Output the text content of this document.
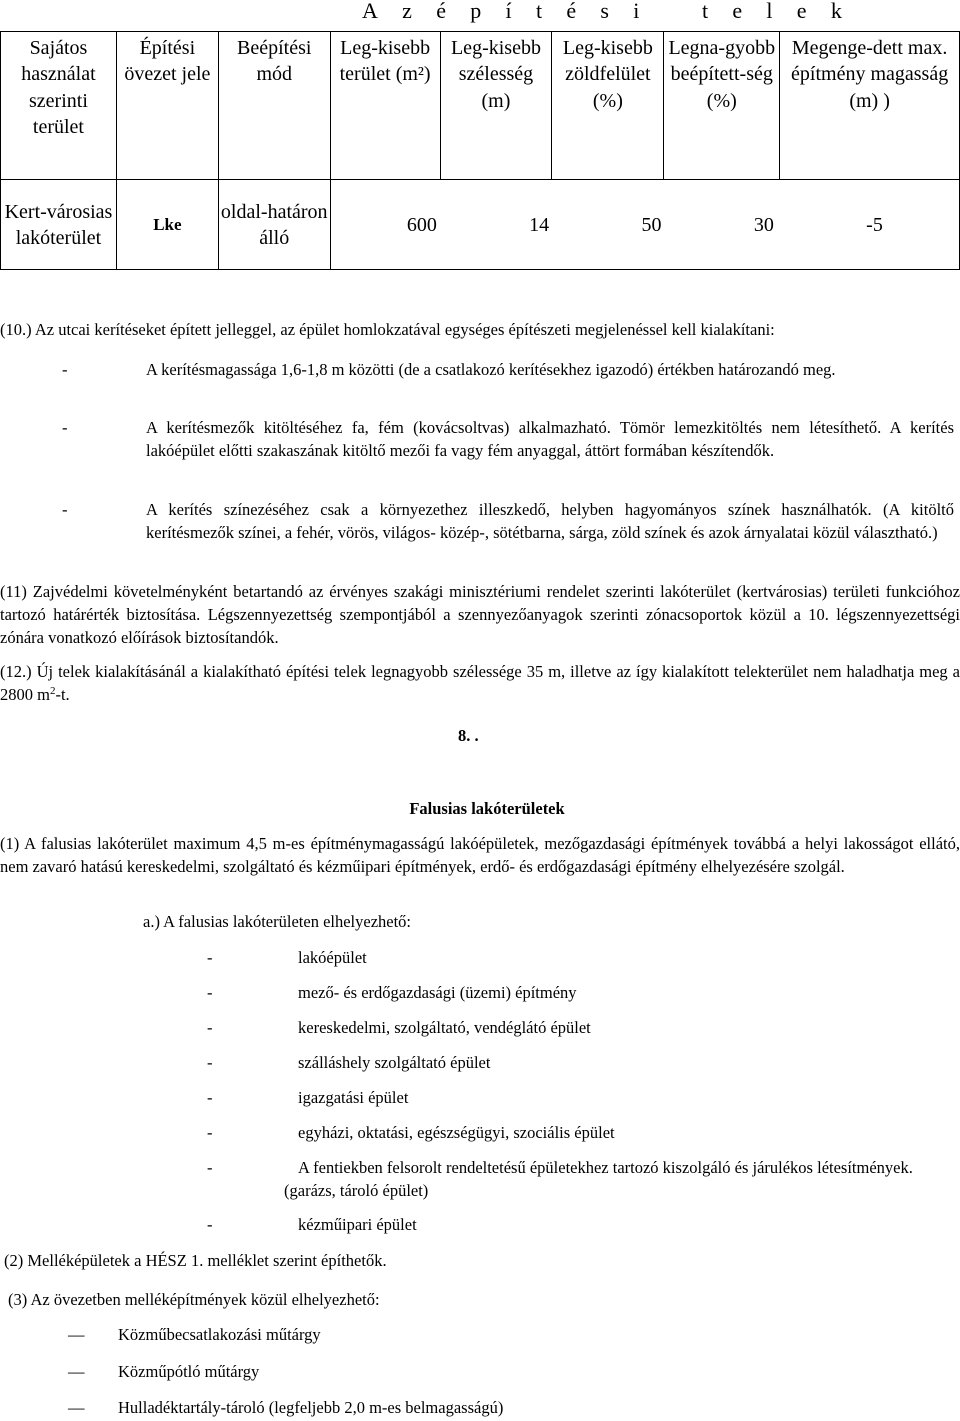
A z é p í t é s i	t e l e k
Sajátos használat szerinti terület	Építési övezet jele	Beépítési mód	Leg-kisebb terület (m²)	Leg-kisebb szélesség (m)	Leg-kisebb zöldfelület (%)	Legna-gyobb beépített-ség (%)	Megenge-dett max. építmény magasság (m) )
Kert-városias lakóterület	Lke	oldal-határon álló	600 14 50 30 -5				
(10.) Az utcai kerítéseket épített jelleggel, az épület homlokzatával egységes építészeti megjelenéssel kell kialakítani:
-	A kerítésmagassága 1,6-1,8 m közötti (de a csatlakozó kerítésekhez igazodó) értékben határozandó meg.
-	A kerítésmezők kitöltéséhez fa, fém (kovácsoltvas) alkalmazható. Tömör lemezkitöltés nem létesíthető. A kerítés lakóépület előtti szakaszának kitöltő mezői fa vagy fém anyaggal, áttört formában készítendők.
-	A kerítés színezéséhez csak a környezethez illeszkedő, helyben hagyományos színek használhatók. (A kitöltő kerítésmezők színei, a fehér, vörös, világos- közép-, sötétbarna, sárga, zöld színek és azok árnyalatai közül választható.)
(11) Zajvédelmi követelményként betartandó az érvényes szakági minisztériumi rendelet szerinti lakóterület (kertvárosias) területi funkcióhoz tartozó határérték biztosítása. Légszennyezettség szempontjából a szennyezőanyagok szerinti zónacsoportok közül a 10. légszennyezettségi zónára vonatkozó előírások biztosítandók.
(12.) Új telek kialakításánál a kialakítható építési telek legnagyobb szélessége 35 m, illetve az így kialakított telekterület nem haladhatja meg a 2800 $m^2-t$.
8. .
Falusias lakóterületek
(1) A falusias lakóterület maximum 4,5 m-es építménymagasságú lakóépületek, mezőgazdasági építmények továbbá a helyi lakosságot ellátó, nem zavaró hatású kereskedelmi, szolgáltató és kézműipari építmények, erdő- és erdőgazdasági építmény elhelyezésére szolgál.
a.) A falusias lakóterületen elhelyezhető:
-	lakóépület
-	mező- és erdőgazdasági (üzemi) építmény
-	kereskedelmi, szolgáltató, vendéglátó épület
-	szálláshely szolgáltató épület
-	igazgatási épület
-	egyházi, oktatási, egészségügyi, szociális épület
-	A fentiekben felsorolt rendeltetésű épületekhez tartozó kiszolgáló és járulékos létesítmények. (garázs, tároló épület)
-	kézműipari épület
(2) Melléképületek a HÉSZ 1. melléklet szerint építhetők.
(3) Az övezetben melléképítmények közül elhelyezhető:
— Közműbecsatlakozási műtárgy
— Közműpótló műtárgy
— Hulladéktartály-tároló (legfeljebb 2,0 m-es belmagasságú)
